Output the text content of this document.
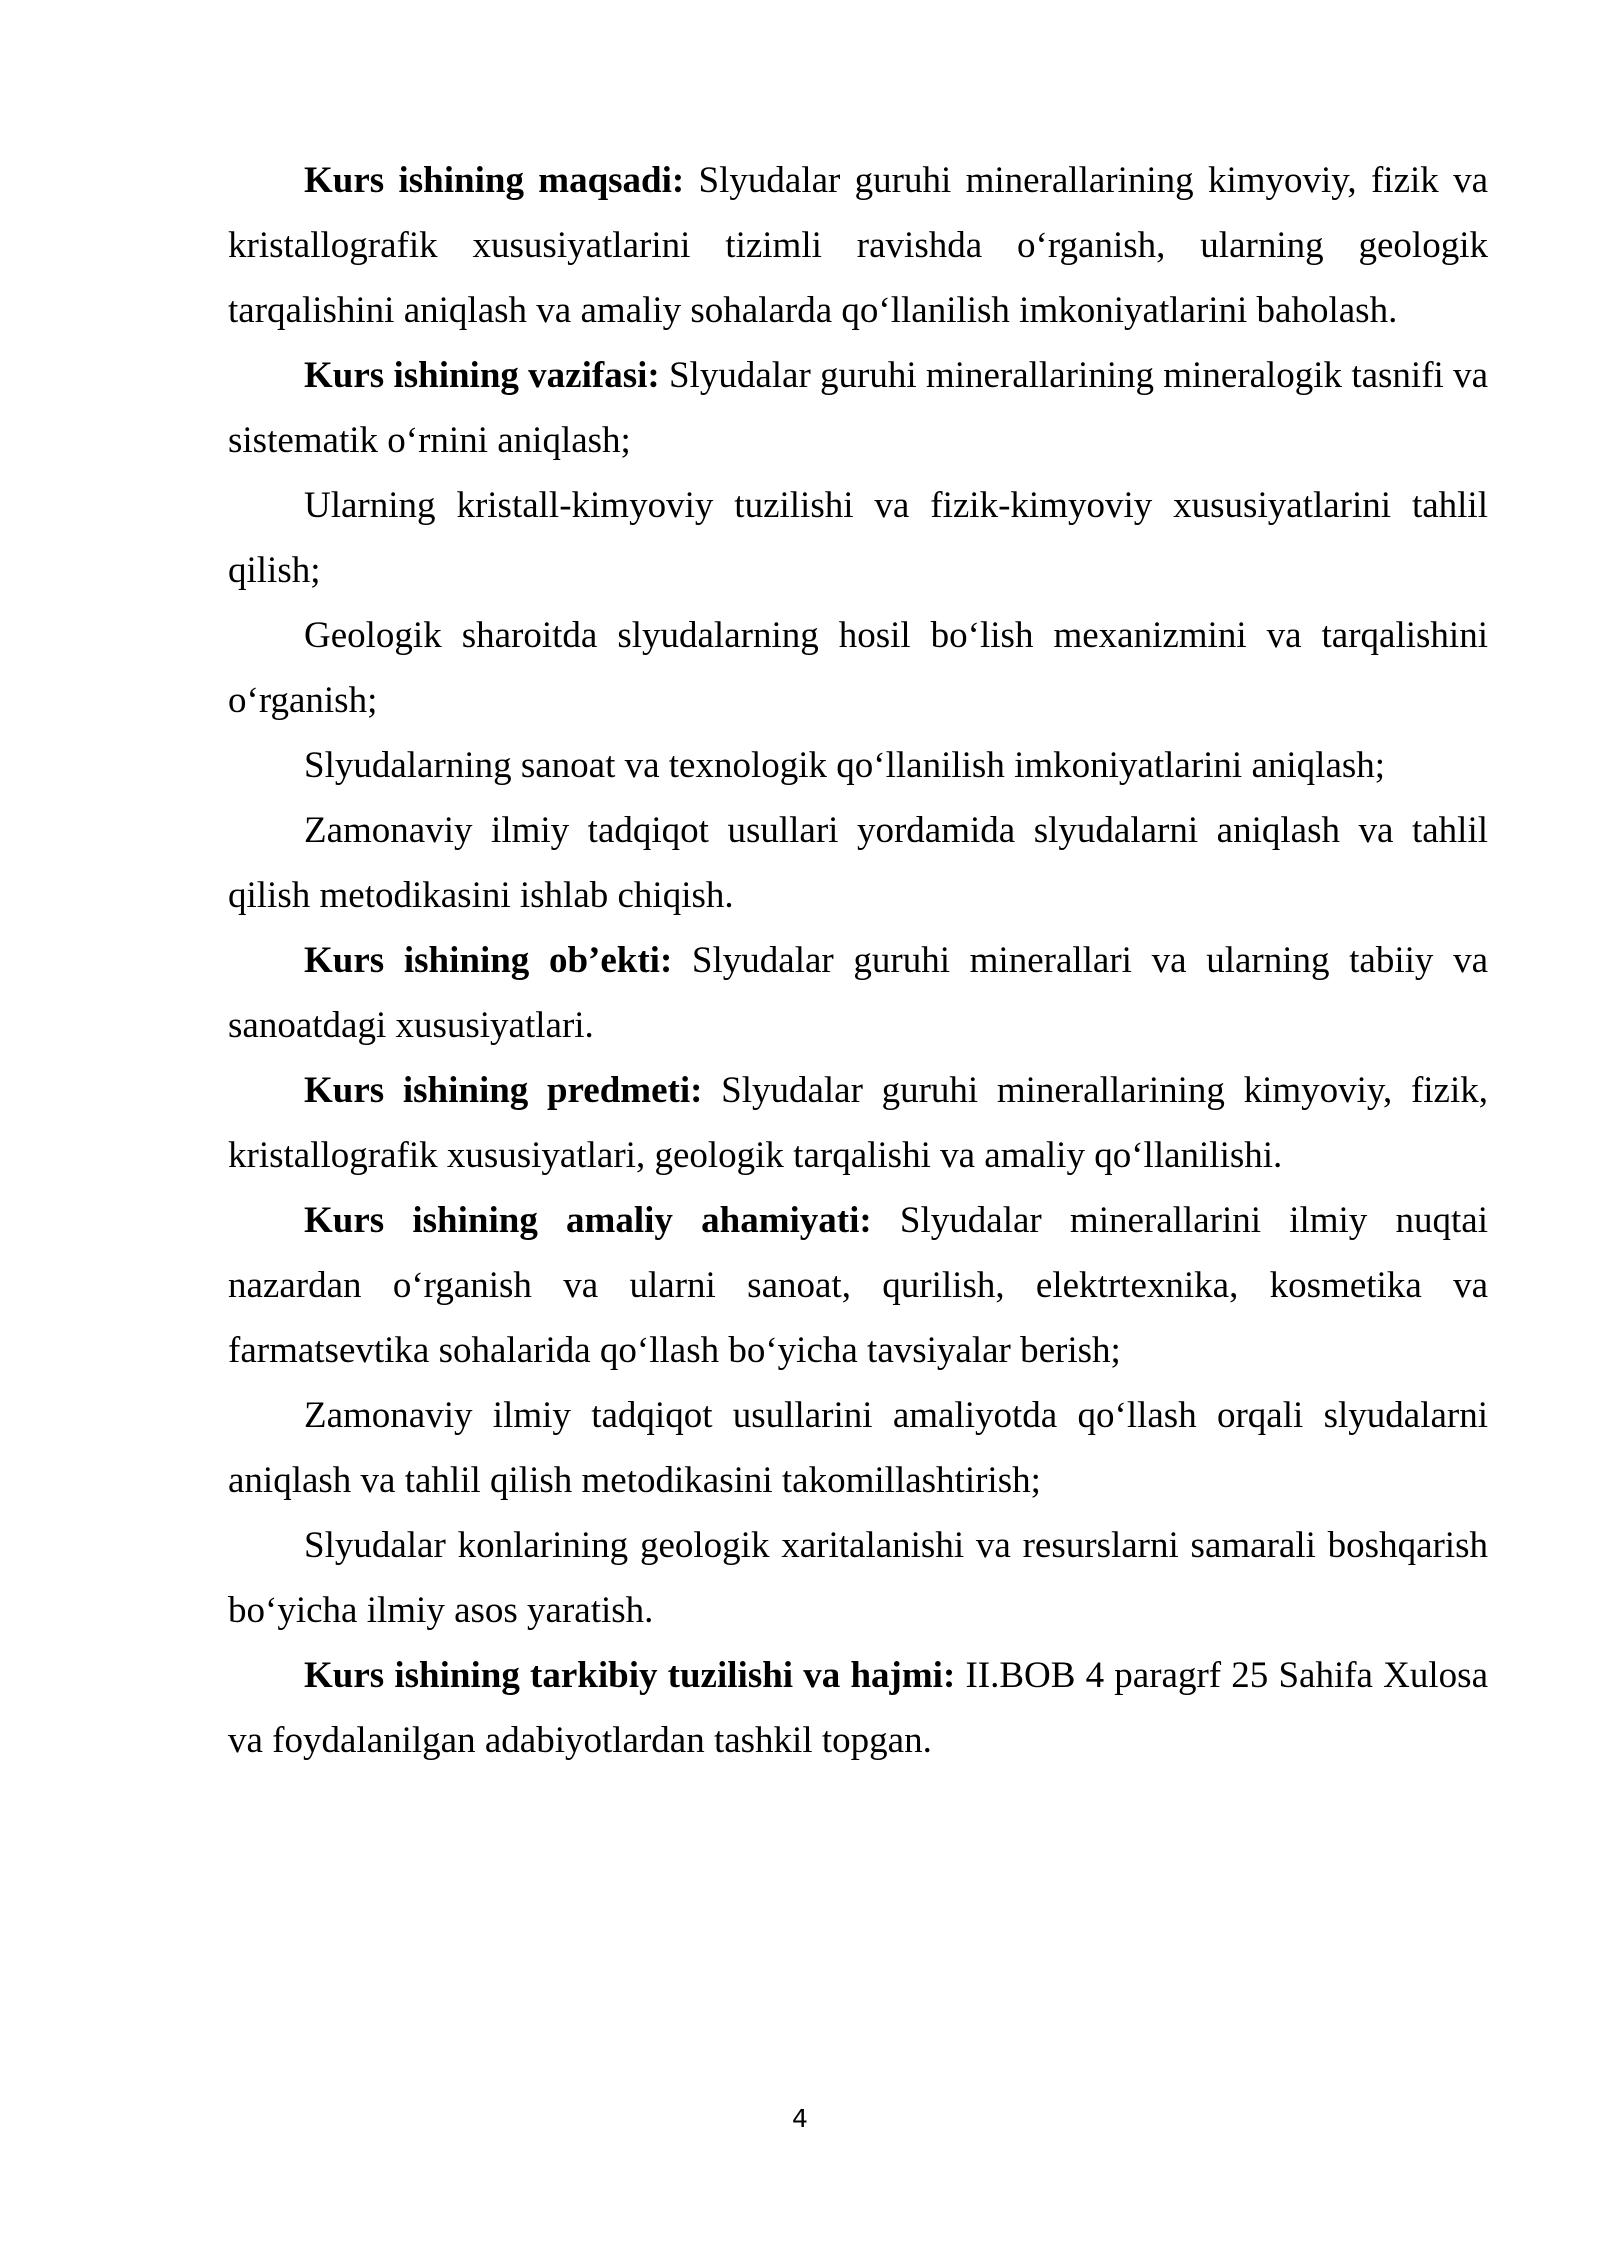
Kurs ishining maqsadi: Slyudalar guruhi minerallarining kimyoviy, fizik va kristallografik xususiyatlarini tizimli ravishda o‘rganish, ularning geologik tarqalishini aniqlash va amaliy sohalarda qo‘llanilish imkoniyatlarini baholash.

Kurs ishining vazifasi: Slyudalar guruhi minerallarining mineralogik tasnifi va sistematik o‘rnini aniqlash;

Ularning kristall-kimyoviy tuzilishi va fizik-kimyoviy xususiyatlarini tahlil qilish;

Geologik sharoitda slyudalarning hosil bo‘lish mexanizmini va tarqalishini o‘rganish;

Slyudalarning sanoat va texnologik qo‘llanilish imkoniyatlarini aniqlash;

Zamonaviy ilmiy tadqiqot usullari yordamida slyudalarni aniqlash va tahlil qilish metodikasini ishlab chiqish.

Kurs ishining ob’ekti: Slyudalar guruhi minerallari va ularning tabiiy va sanoatdagi xususiyatlari.

Kurs ishining predmeti: Slyudalar guruhi minerallarining kimyoviy, fizik, kristallografik xususiyatlari, geologik tarqalishi va amaliy qo‘llanilishi.

Kurs ishining amaliy ahamiyati: Slyudalar minerallarini ilmiy nuqtai nazardan o‘rganish va ularni sanoat, qurilish, elektrtexnika, kosmetika va farmatsevtika sohalarida qo‘llash bo‘yicha tavsiyalar berish;

Zamonaviy ilmiy tadqiqot usullarini amaliyotda qo‘llash orqali slyudalarni aniqlash va tahlil qilish metodikasini takomillashtirish;

Slyudalar konlarining geologik xaritalanishi va resurslarni samarali boshqarish bo‘yicha ilmiy asos yaratish.

Kurs ishining tarkibiy tuzilishi va hajmi: II.BOB 4 paragrf 25 Sahifa Xulosa va foydalanilgan adabiyotlardan tashkil topgan.

4
